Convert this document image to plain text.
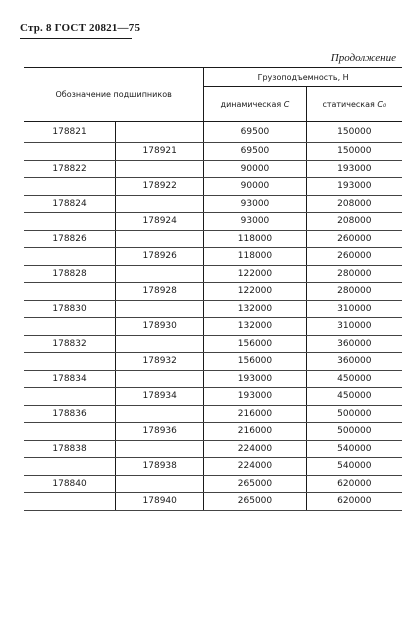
Стр. 8 ГОСТ 20821—75
Продолжение
Обозначение подшипников		Грузоподъемность, Н	
		динамическая C	статическая C₀
178821		69500	150000
	178921	69500	150000
178822		90000	193000
	178922	90000	193000
178824		93000	208000
	178924	93000	208000
178826		118000	260000
	178926	118000	260000
178828		122000	280000
	178928	122000	280000
178830		132000	310000
	178930	132000	310000
178832		156000	360000
	178932	156000	360000
178834		193000	450000
	178934	193000	450000
178836		216000	500000
	178936	216000	500000
178838		224000	540000
	178938	224000	540000
178840		265000	620000
	178940	265000	620000
